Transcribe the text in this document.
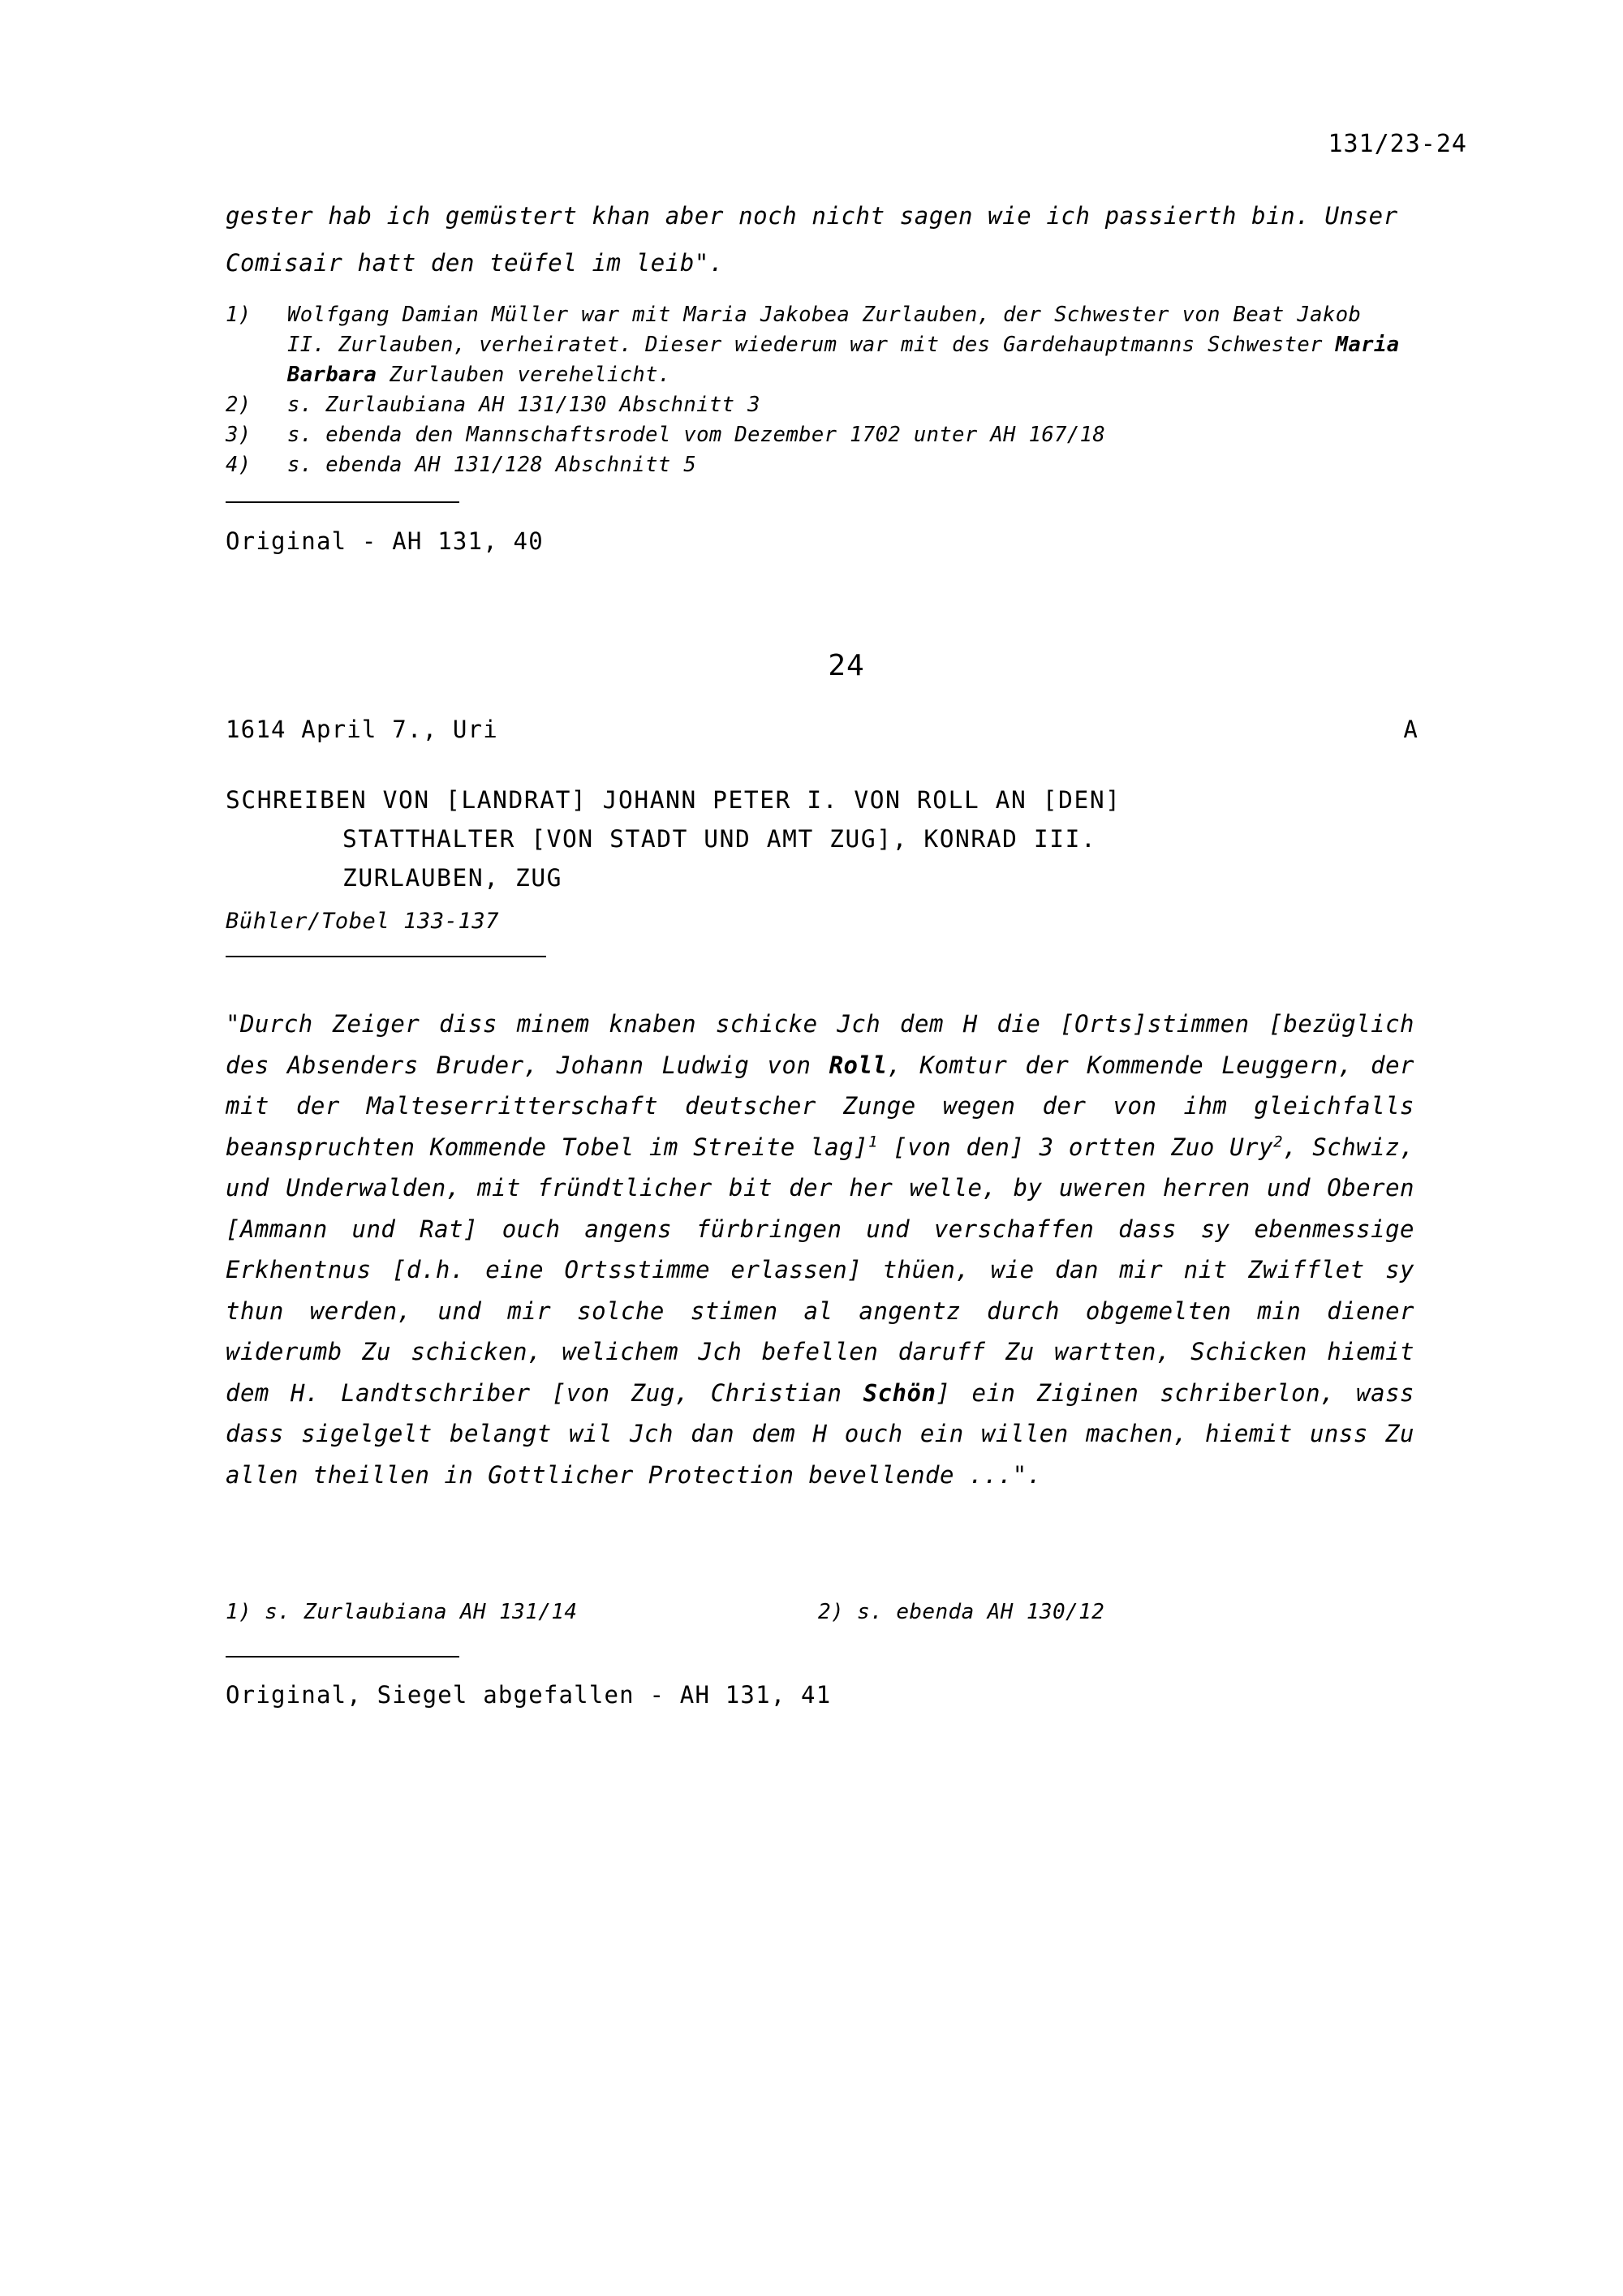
131/23-24
gester hab ich gemüstert khan aber noch nicht sagen wie ich passierth bin. Unser Comisair hatt den teüfel im leib".
1) Wolfgang Damian Müller war mit Maria Jakobea Zurlauben, der Schwester von Beat Jakob II. Zurlauben, verheiratet. Dieser wiederum war mit des Gardehauptmanns Schwester Maria Barbara Zurlauben verehelicht.
2) s. Zurlaubiana AH 131/130 Abschnitt 3
3) s. ebenda den Mannschaftsrodel vom Dezember 1702 unter AH 167/18
4) s. ebenda AH 131/128 Abschnitt 5
Original - AH 131, 40
24
1614 April 7., Uri	A
SCHREIBEN VON [LANDRAT] JOHANN PETER I. VON ROLL AN [DEN]
STATTHALTER [VON STADT UND AMT ZUG], KONRAD III.
ZURLAUBEN, ZUG
Bühler/Tobel 133-137
"Durch Zeiger diss minem knaben schicke Jch dem H die [Orts]stimmen [bezüglich des Absenders Bruder, Johann Ludwig von Roll, Komtur der Kommende Leuggern, der mit der Malteserritterschaft deutscher Zunge wegen der von ihm gleichfalls beanspruchten Kommende Tobel im Streite lag]$^1$ [von den] 3 ortten Zuo Ury$^2$, Schwiz, und Underwalden, mit fründtlicher bit der her welle, by uweren herren und Oberen [Ammann und Rat] ouch angens fürbringen und verschaffen dass sy ebenmessige Erkhentnus [d.h. eine Ortsstimme erlassen] thüen, wie dan mir nit Zwifflet sy thun werden, und mir solche stimen al angentz durch obgemelten min diener widerumb Zu schicken, welichem Jch befellen daruff Zu wartten, Schicken hiemit dem H. Landtschriber [von Zug, Christian Schön] ein Ziginen schriberlon, wass dass sigelgelt belangt wil Jch dan dem H ouch ein willen machen, hiemit unss Zu allen theillen in Gottlicher Protection bevellende ...".
1) s. Zurlaubiana AH 131/14	2) s. ebenda AH 130/12
Original, Siegel abgefallen - AH 131, 41
